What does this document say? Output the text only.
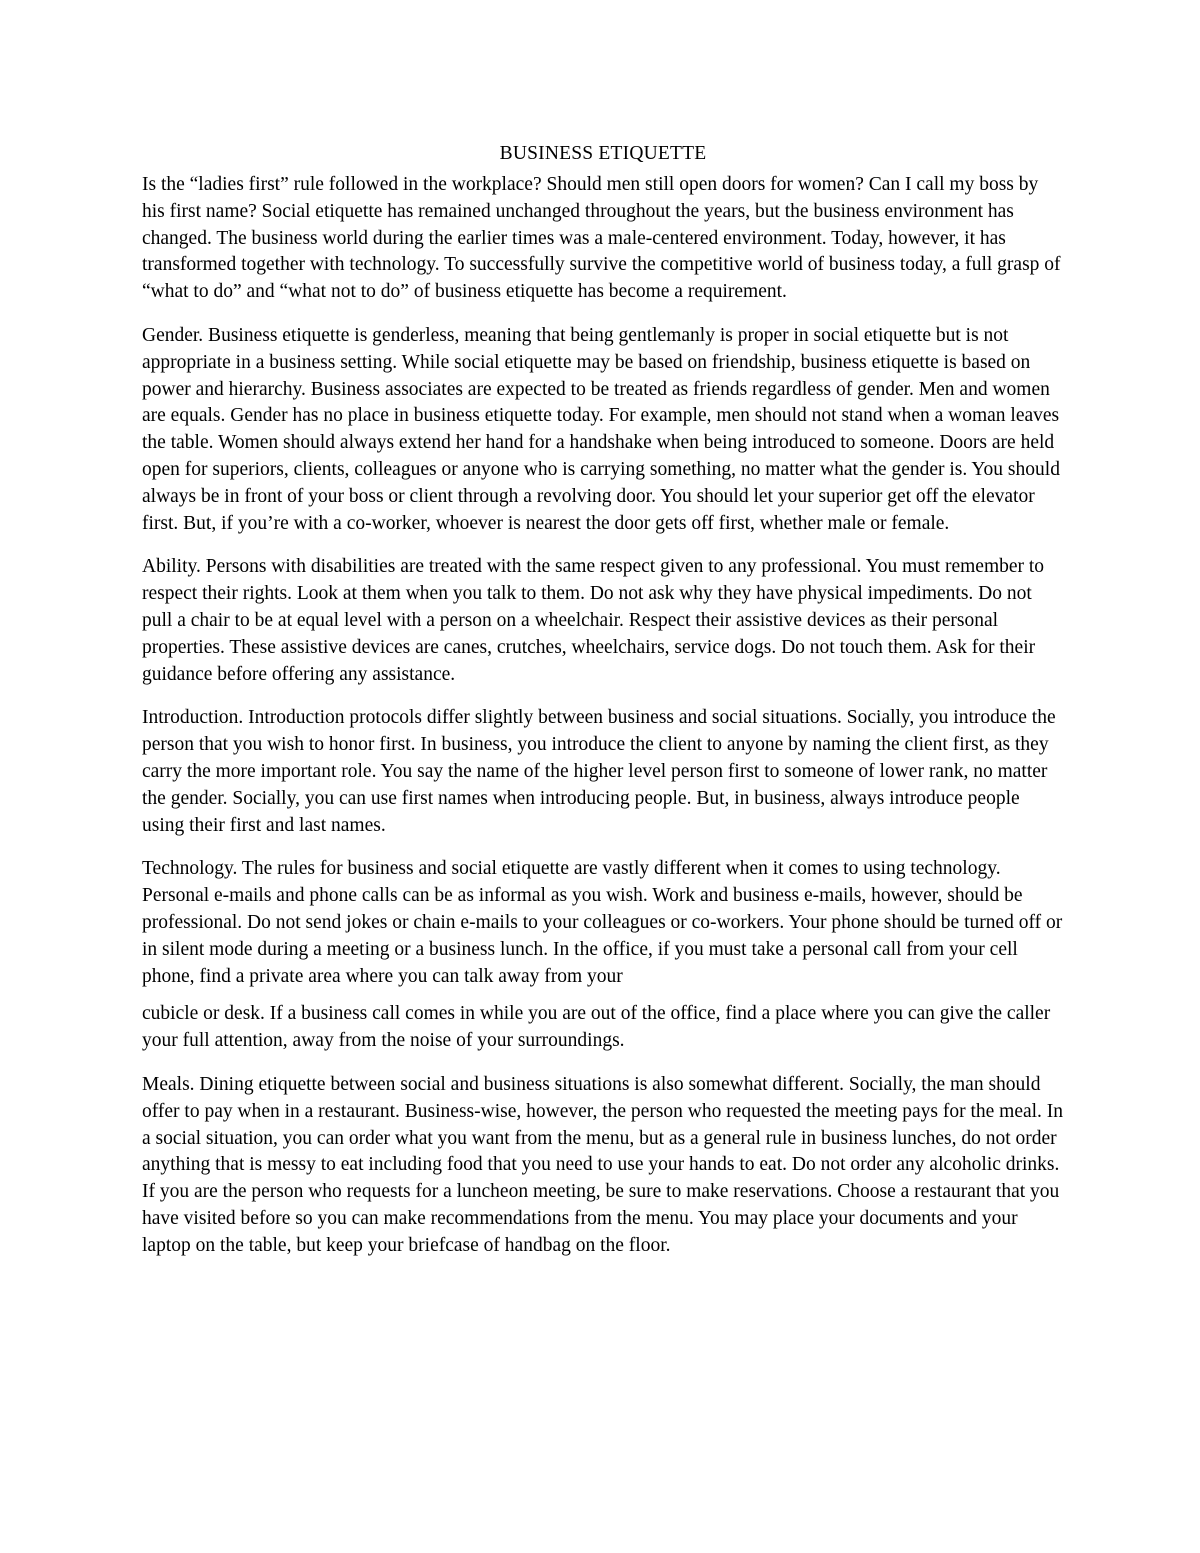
BUSINESS ETIQUETTE

Is the “ladies first” rule followed in the workplace? Should men still open doors for women? Can I call my boss by his first name? Social etiquette has remained unchanged throughout the years, but the business environment has changed. The business world during the earlier times was a male-centered environment. Today, however, it has transformed together with technology. To successfully survive the competitive world of business today, a full grasp of “what to do” and “what not to do” of business etiquette has become a requirement.

Gender. Business etiquette is genderless, meaning that being gentlemanly is proper in social etiquette but is not appropriate in a business setting. While social etiquette may be based on friendship, business etiquette is based on power and hierarchy. Business associates are expected to be treated as friends regardless of gender. Men and women are equals. Gender has no place in business etiquette today. For example, men should not stand when a woman leaves the table. Women should always extend her hand for a handshake when being introduced to someone. Doors are held open for superiors, clients, colleagues or anyone who is carrying something, no matter what the gender is. You should always be in front of your boss or client through a revolving door. You should let your superior get off the elevator first. But, if you’re with a co-worker, whoever is nearest the door gets off first, whether male or female.

Ability. Persons with disabilities are treated with the same respect given to any professional. You must remember to respect their rights. Look at them when you talk to them. Do not ask why they have physical impediments. Do not pull a chair to be at equal level with a person on a wheelchair. Respect their assistive devices as their personal properties. These assistive devices are canes, crutches, wheelchairs, service dogs. Do not touch them. Ask for their guidance before offering any assistance.

Introduction. Introduction protocols differ slightly between business and social situations. Socially, you introduce the person that you wish to honor first. In business, you introduce the client to anyone by naming the client first, as they carry the more important role. You say the name of the higher level person first to someone of lower rank, no matter the gender. Socially, you can use first names when introducing people. But, in business, always introduce people using their first and last names.

Technology. The rules for business and social etiquette are vastly different when it comes to using technology. Personal e-mails and phone calls can be as informal as you wish. Work and business e-mails, however, should be professional. Do not send jokes or chain e-mails to your colleagues or co-workers. Your phone should be turned off or in silent mode during a meeting or a business lunch. In the office, if you must take a personal call from your cell phone, find a private area where you can talk away from your

cubicle or desk. If a business call comes in while you are out of the office, find a place where you can give the caller your full attention, away from the noise of your surroundings.

Meals. Dining etiquette between social and business situations is also somewhat different. Socially, the man should offer to pay when in a restaurant. Business-wise, however, the person who requested the meeting pays for the meal. In a social situation, you can order what you want from the menu, but as a general rule in business lunches, do not order anything that is messy to eat including food that you need to use your hands to eat. Do not order any alcoholic drinks. If you are the person who requests for a luncheon meeting, be sure to make reservations. Choose a restaurant that you have visited before so you can make recommendations from the menu. You may place your documents and your laptop on the table, but keep your briefcase of handbag on the floor.
